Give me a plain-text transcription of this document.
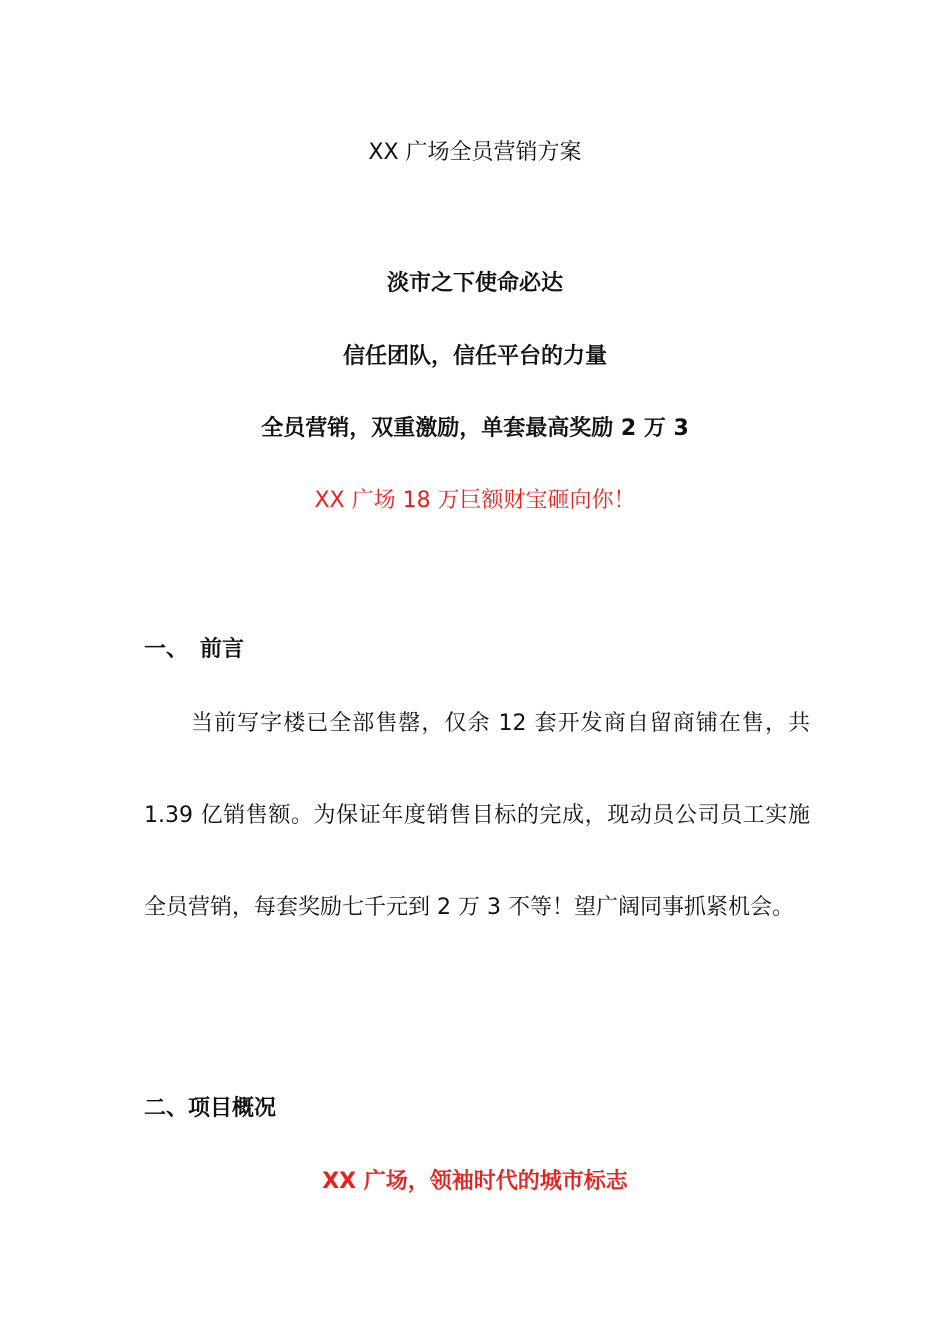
XX 广场全员营销方案
淡市之下使命必达
信任团队，信任平台的力量
全员营销，双重激励，单套最高奖励 2 万 3
XX 广场 18 万巨额财宝砸向你！
一、 前言
当前写字楼已全部售罄，仅余 12 套开发商自留商铺在售，共 1.39 亿销售额。为保证年度销售目标的完成，现动员公司员工实施全员营销，每套奖励七千元到 2 万 3 不等！望广阔同事抓紧机会。
二、项目概况
XX 广场，领袖时代的城市标志
